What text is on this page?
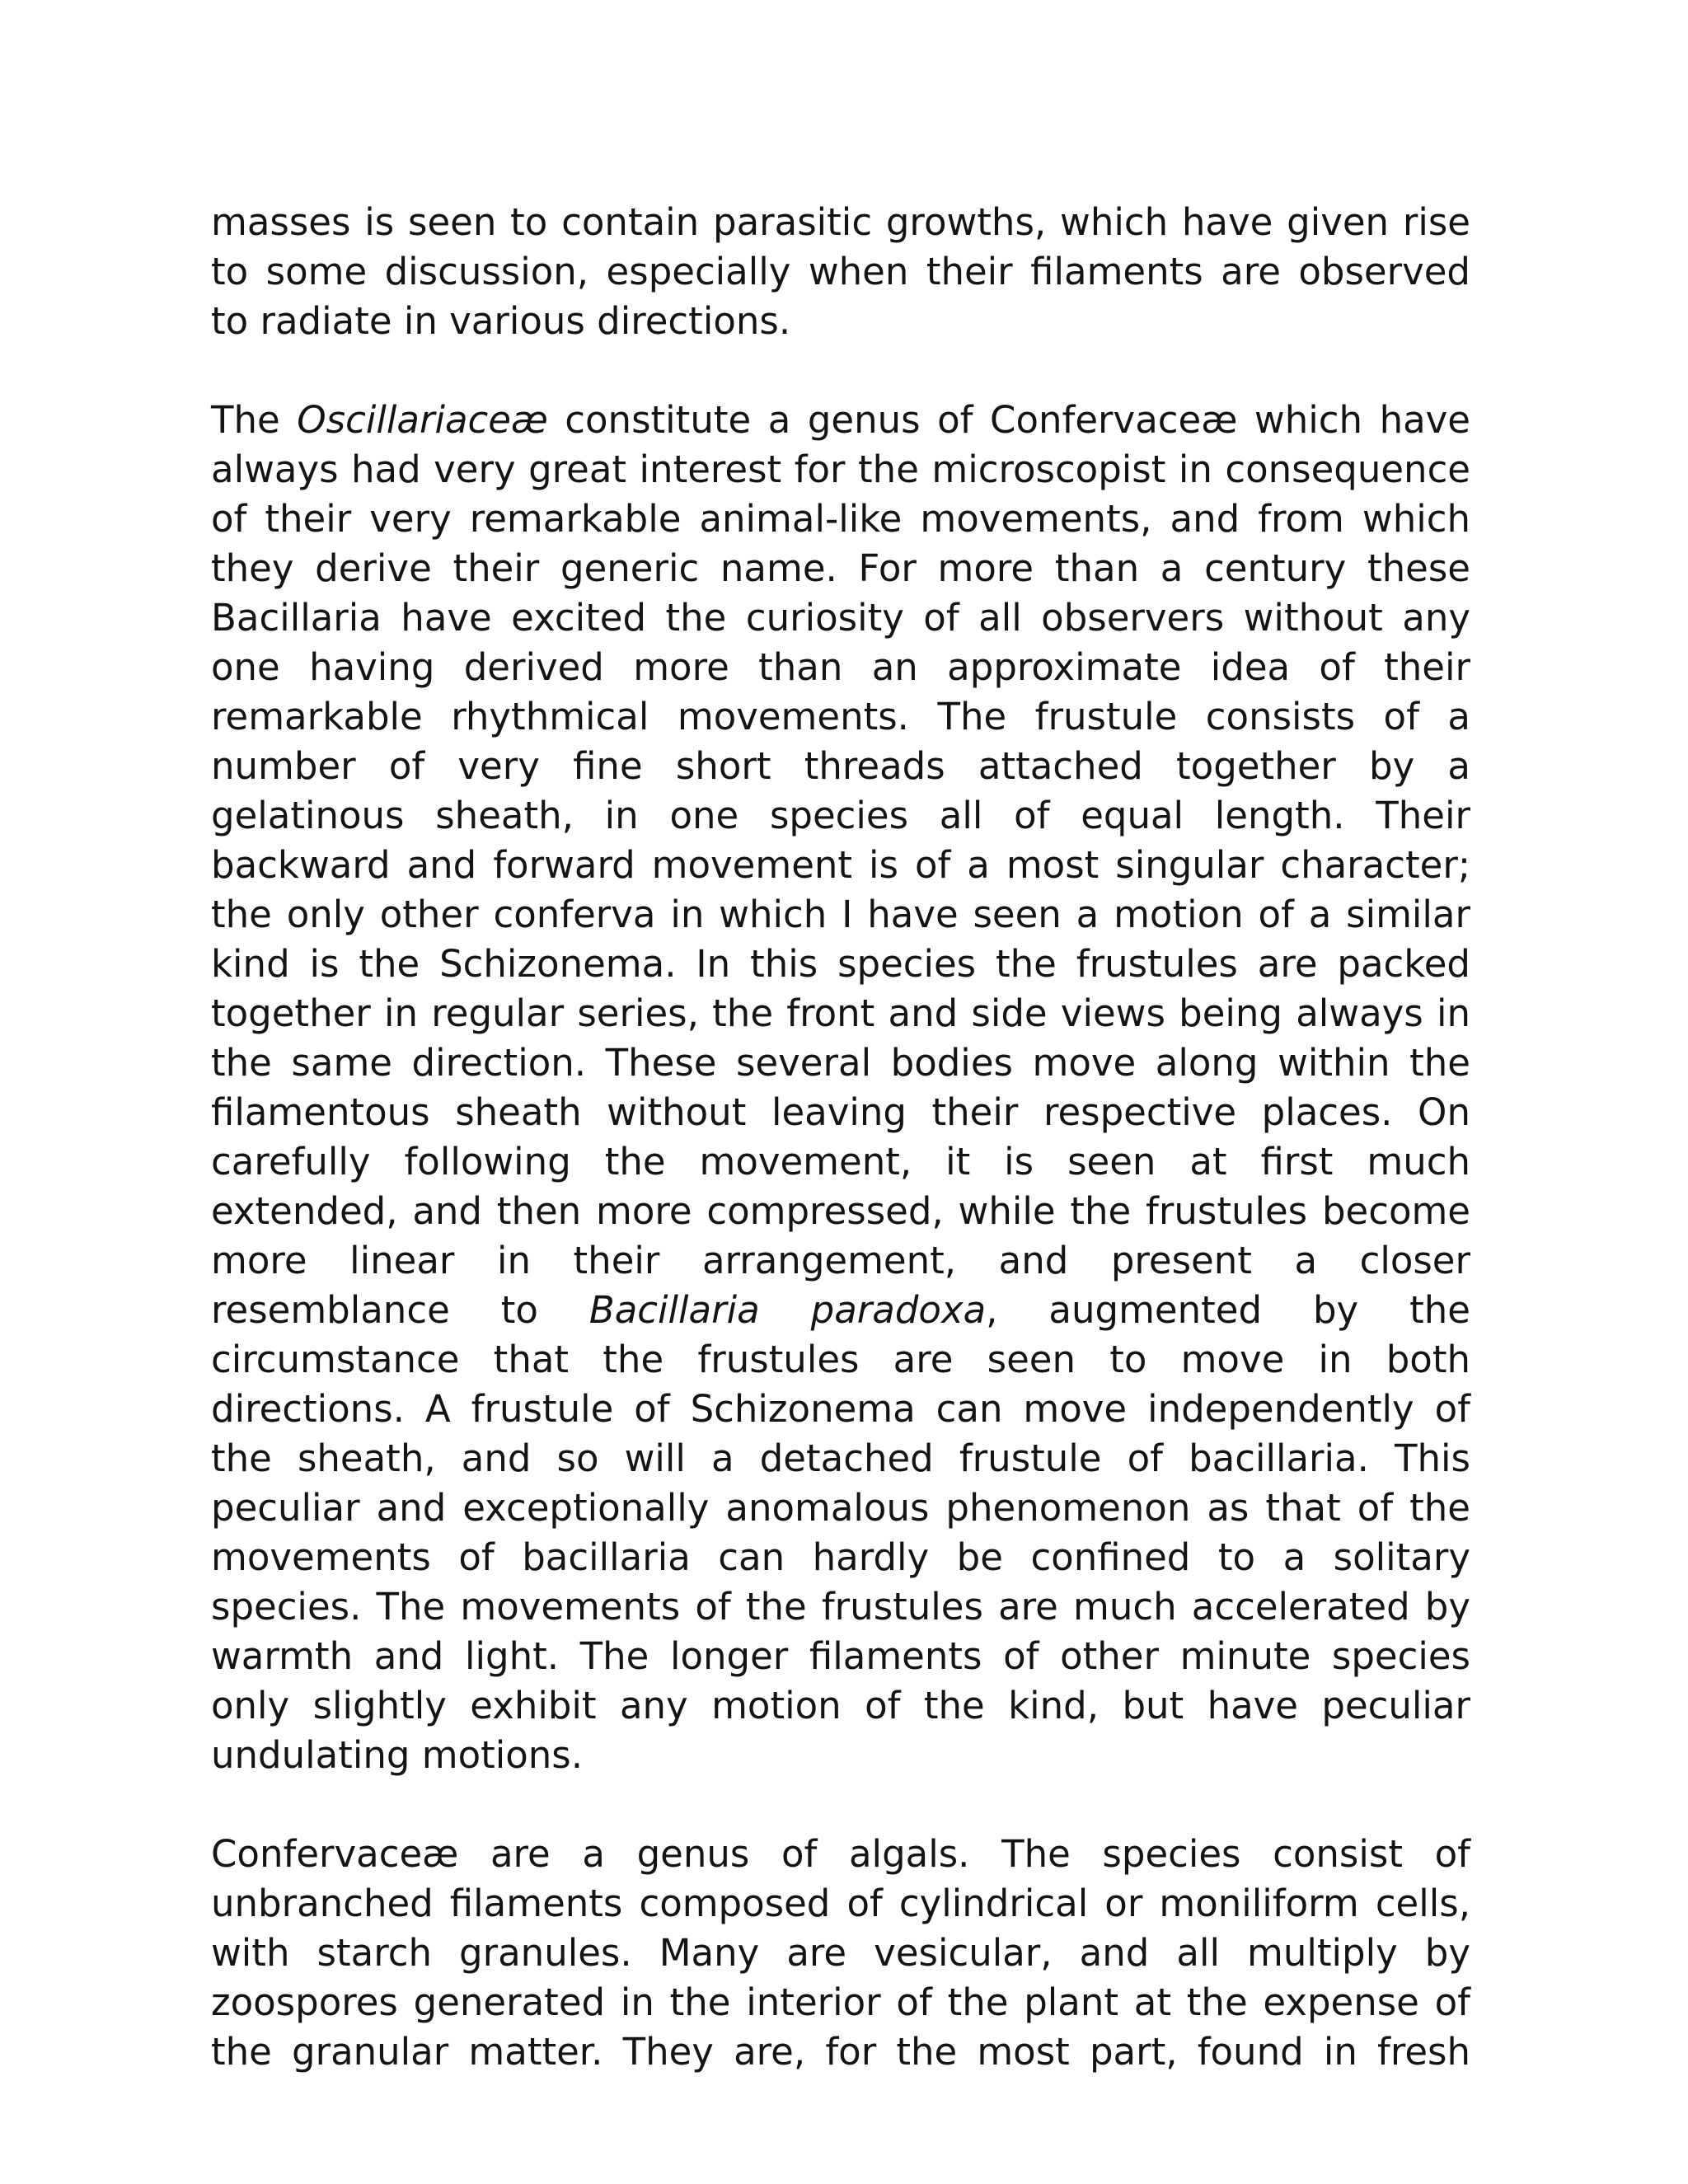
masses is seen to contain parasitic growths, which have given rise to some discussion, especially when their filaments are observed to radiate in various directions.

The Oscillariaceæ constitute a genus of Confervaceæ which have always had very great interest for the microscopist in consequence of their very remarkable animal-like movements, and from which they derive their generic name. For more than a century these Bacillaria have excited the curiosity of all observers without any one having derived more than an approximate idea of their remarkable rhythmical movements. The frustule consists of a number of very fine short threads attached together by a gelatinous sheath, in one species all of equal length. Their backward and forward movement is of a most singular character; the only other conferva in which I have seen a motion of a similar kind is the Schizonema. In this species the frustules are packed together in regular series, the front and side views being always in the same direction. These several bodies move along within the filamentous sheath without leaving their respective places. On carefully following the movement, it is seen at first much extended, and then more compressed, while the frustules become more linear in their arrangement, and present a closer resemblance to Bacillaria paradoxa, augmented by the circumstance that the frustules are seen to move in both directions. A frustule of Schizonema can move independently of the sheath, and so will a detached frustule of bacillaria. This peculiar and exceptionally anomalous phenomenon as that of the movements of bacillaria can hardly be confined to a solitary species. The movements of the frustules are much accelerated by warmth and light. The longer filaments of other minute species only slightly exhibit any motion of the kind, but have peculiar undulating motions.

Confervaceæ are a genus of algals. The species consist of unbranched filaments composed of cylindrical or moniliform cells, with starch granules. Many are vesicular, and all multiply by zoospores generated in the interior of the plant at the expense of the granular matter. They are, for the most part, found in fresh
